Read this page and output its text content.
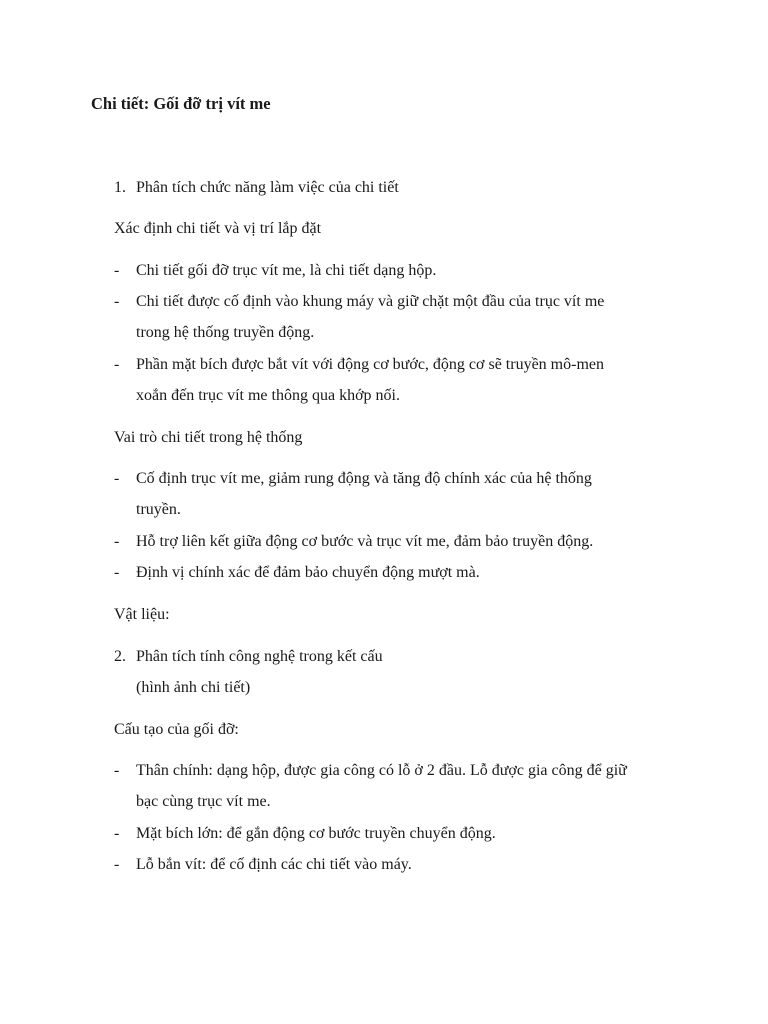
Chi tiết: Gối đỡ trị vít me
1. Phân tích chức năng làm việc của chi tiết
Xác định chi tiết và vị trí lắp đặt
- Chi tiết gối đỡ trục vít me, là chi tiết dạng hộp.
- Chi tiết được cố định vào khung máy và giữ chặt một đầu của trục vít me
trong hệ thống truyền động.
- Phần mặt bích được bắt vít với động cơ bước, động cơ sẽ truyền mô-men
xoắn đến trục vít me thông qua khớp nối.
Vai trò chi tiết trong hệ thống
- Cố định trục vít me, giảm rung động và tăng độ chính xác của hệ thống
truyền.
- Hỗ trợ liên kết giữa động cơ bước và trục vít me, đảm bảo truyền động.
- Định vị chính xác để đảm bảo chuyển động mượt mà.
Vật liệu:
2. Phân tích tính công nghệ trong kết cấu
(hình ảnh chi tiết)
Cấu tạo của gối đỡ:
- Thân chính: dạng hộp, được gia công có lỗ ở 2 đầu. Lỗ được gia công để giữ
bạc cùng trục vít me.
- Mặt bích lớn: để gắn động cơ bước truyền chuyển động.
- Lỗ bắn vít: để cố định các chi tiết vào máy.
